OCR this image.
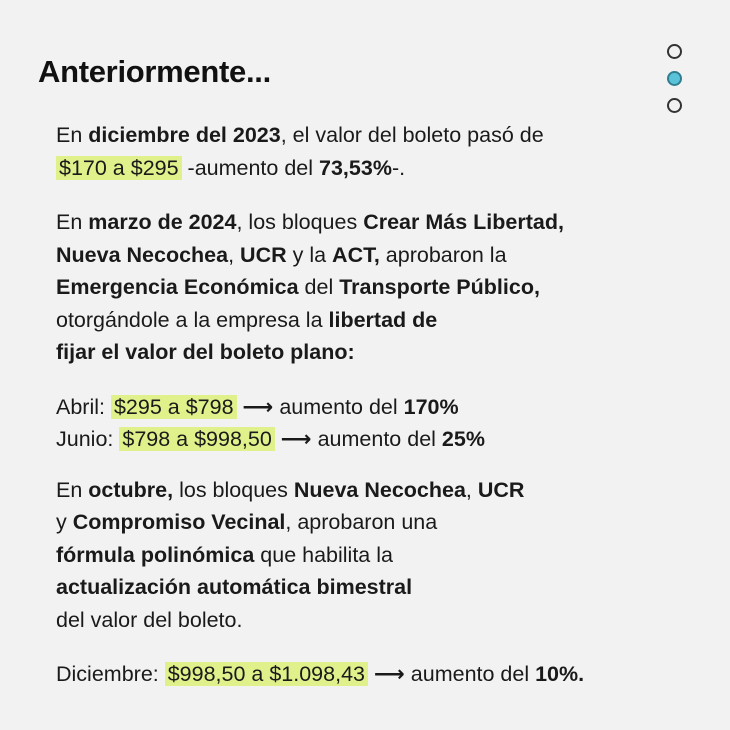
Anteriormente...

En diciembre del 2023, el valor del boleto pasó de
$170 a $295 -aumento del 73,53%-.

En marzo de 2024, los bloques Crear Más Libertad,
Nueva Necochea, UCR y la ACT, aprobaron la
Emergencia Económica del Transporte Público,
otorgándole a la empresa la libertad de
fijar el valor del boleto plano:

Abril: $295 a $798 ⟶ aumento del 170%
Junio: $798 a $998,50 ⟶ aumento del 25%

En octubre, los bloques Nueva Necochea, UCR
y Compromiso Vecinal, aprobaron una
fórmula polinómica que habilita la
actualización automática bimestral
del valor del boleto.

Diciembre: $998,50 a $1.098,43 ⟶ aumento del 10%.
